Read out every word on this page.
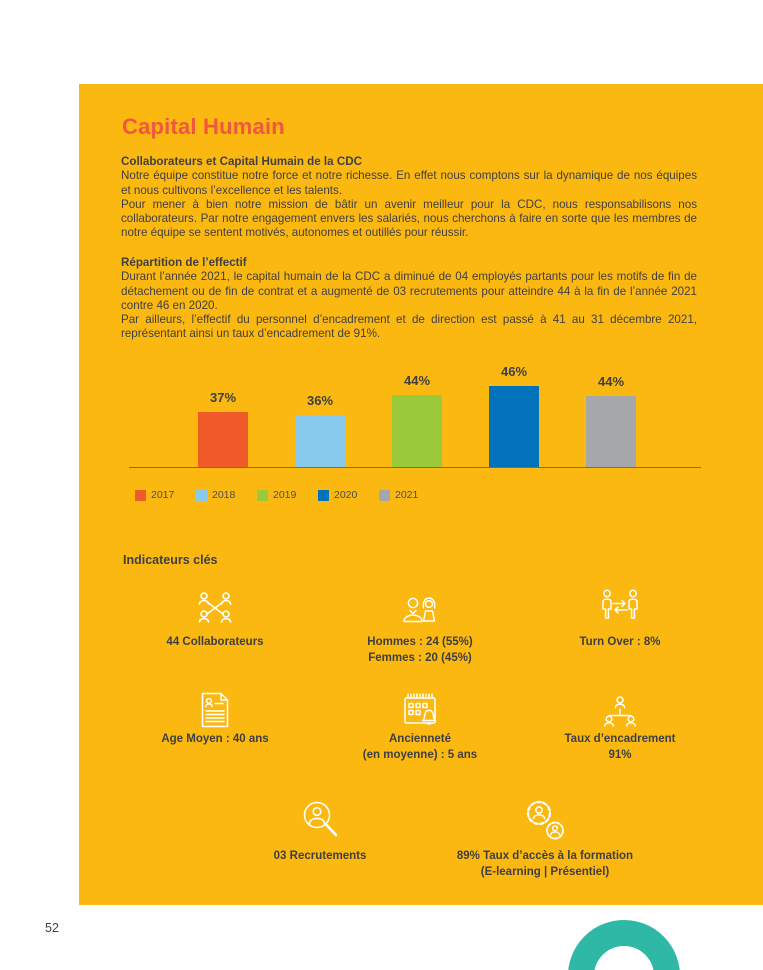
Capital Humain

Collaborateurs et Capital Humain de la CDC

Notre équipe constitue notre force et notre richesse. En effet nous comptons sur la dynamique de nos équipes et nous cultivons l’excellence et les talents.

Pour mener à bien notre mission de bâtir un avenir meilleur pour la CDC, nous responsabilisons nos collaborateurs. Par notre engagement envers les salariés, nous cherchons à faire en sorte que les membres de notre équipe se sentent motivés, autonomes et outillés pour réussir.

Répartition de l’effectif

Durant l’année 2021, le capital humain de la CDC a diminué de 04 employés partants pour les motifs de fin de détachement ou de fin de contrat et a augmenté de 03 recrutements pour atteindre 44 à la fin de l’année 2021 contre 46 en 2020.

Par ailleurs, l’effectif du personnel d’encadrement et de direction est passé à 41 au 31 décembre 2021, représentant ainsi un taux d’encadrement de 91%.

37%	36%
44%
46%
44%
2017	2018	2019	2020	2021
Indicateurs clés
44 Collaborateurs	Hommes : 24 (55%)
Femmes : 20 (45%)
Turn Over : 8%
Age Moyen : 40 ans	Ancienneté
(en moyenne) : 5 ans
Taux d’encadrement
91%
03 Recrutements	89% Taux d’accès à la formation
(E-learning | Présentiel)
52
